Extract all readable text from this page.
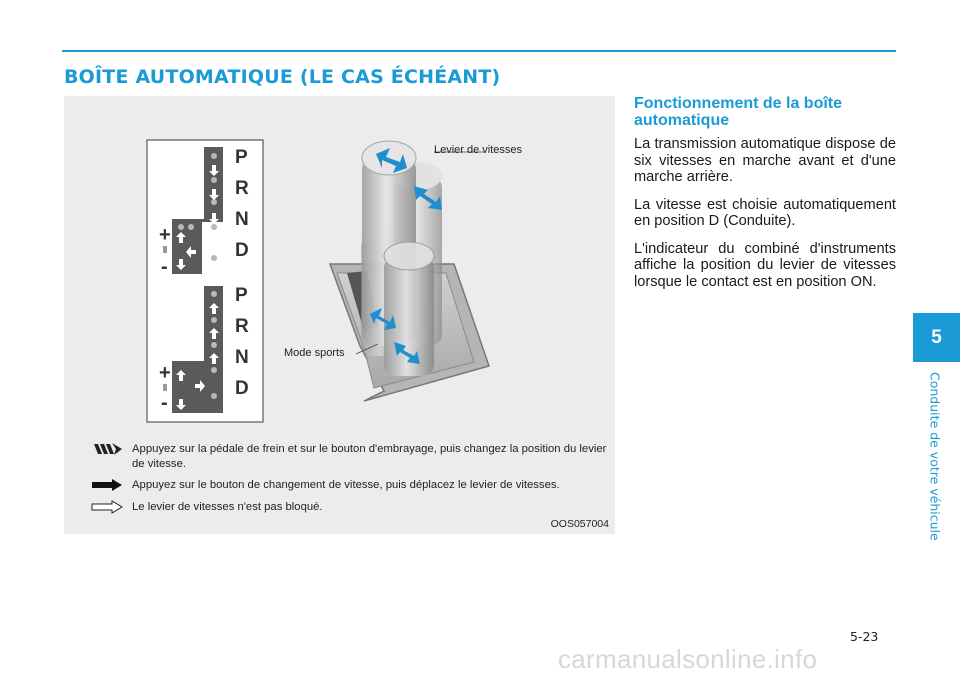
BOÎTE AUTOMATIQUE (LE CAS ÉCHÉANT)
P
R
N
D
P
R
N
D
+
-
+
-
Levier de vitesses
Mode sports
Appuyez sur la pédale de frein et sur le bouton d'embrayage, puis changez la position du levier de vitesse.
Appuyez sur le bouton de changement de vitesse, puis déplacez le levier de vitesses.
Le levier de vitesses n'est pas bloqué.
OOS057004
Fonctionnement de la boîte automatique

La transmission automatique dispose de six vitesses en marche avant et d'une marche arrière.

La vitesse est choisie automatiquement en position D (Conduite).

L'indicateur du combiné d'instruments affiche la position du levier de vitesses lorsque le contact est en position ON.

5
Conduite de votre véhicule
5-23
carmanualsonline.info
